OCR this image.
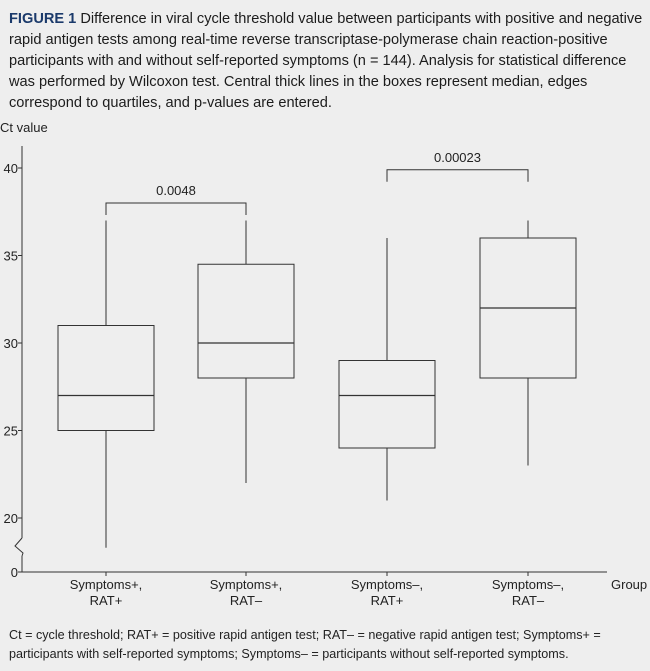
FIGURE 1 Difference in viral cycle threshold value between participants with positive and negative rapid antigen tests among real-time reverse transcriptase-polymerase chain reaction-positive participants with and without self-reported symptoms (n = 144). Analysis for statistical difference was performed by Wilcoxon test. Central thick lines in the boxes represent median, edges correspond to quartiles, and p-values are entered.
Ct value
0
20
25
30
35
40
Symptoms+,
RAT+
Symptoms+,
RAT–
Symptoms–,
RAT+
Symptoms–,
RAT–
Group
0.0048
0.00023
Ct = cycle threshold; RAT+ = positive rapid antigen test; RAT– = negative rapid antigen test; Symptoms+ = participants with self-reported symptoms; Symptoms– = participants without self-reported symptoms.
